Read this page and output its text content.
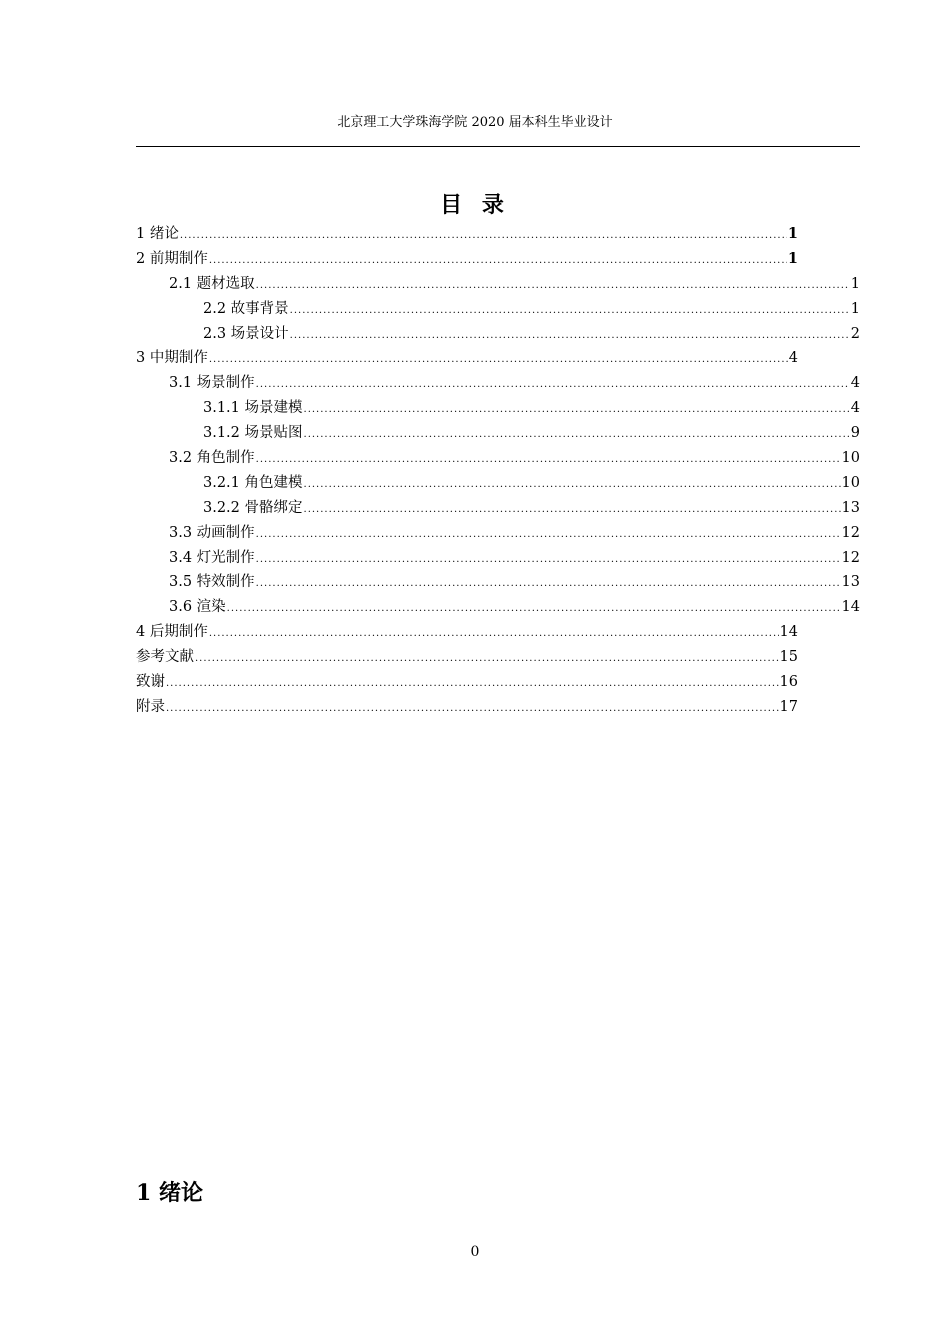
北京理工大学珠海学院 2020 届本科生毕业设计
目 录
1 绪论 .....	1
2 前期制作 .....	1
2.1 题材选取 .....	1
2.2 故事背景 .....	1
2.3 场景设计 .....	2
3 中期制作 .....	4
3.1 场景制作 .....	4
3.1.1 场景建模 .....	4
3.1.2 场景贴图 .....	9
3.2 角色制作 .....	10
3.2.1 角色建模 .....	10
3.2.2 骨骼绑定 .....	13
3.3 动画制作 .....	12
3.4 灯光制作 .....	12
3.5 特效制作 .....	13
3.6 渲染 .....	14
4 后期制作 .....	14
参考文献 .....	15
致谢 .....	16
附录 .....	17
1 绪论
0
